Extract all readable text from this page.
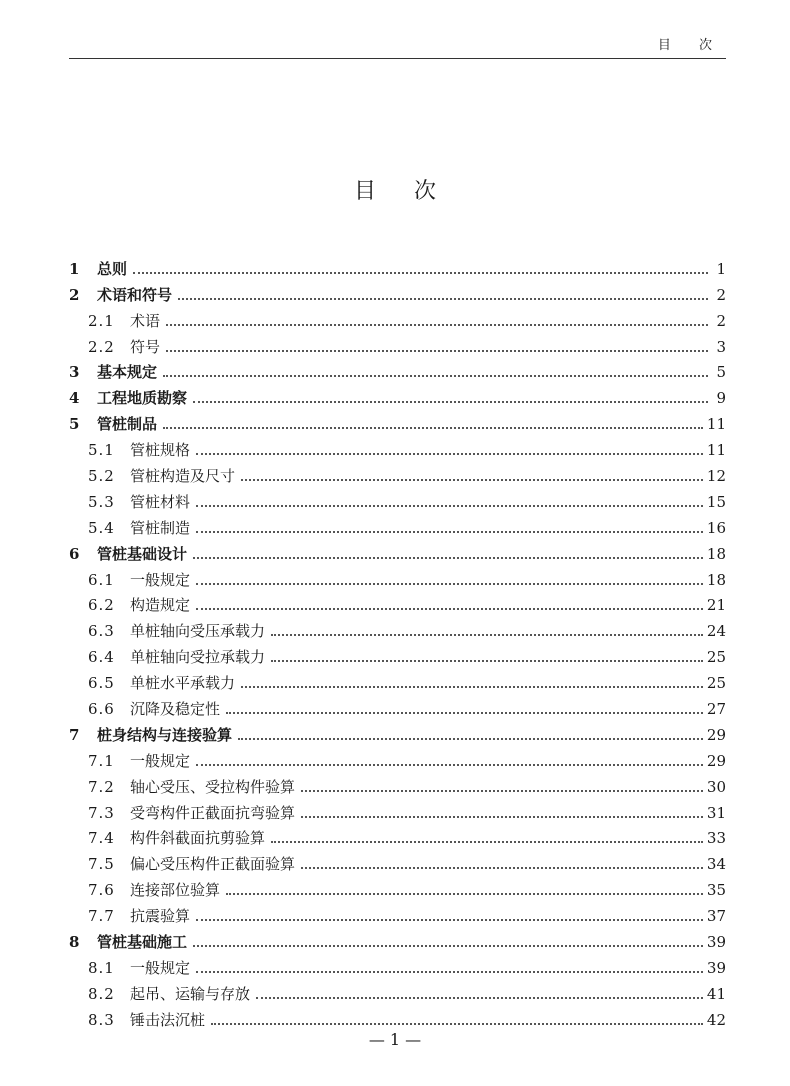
目 次
目次
1	总则	1
2	术语和符号	2
2.1	术语	2
2.2	符号	3
3	基本规定	5
4	工程地质勘察	9
5	管桩制品	11
5.1	管桩规格	11
5.2	管桩构造及尺寸	12
5.3	管桩材料	15
5.4	管桩制造	16
6	管桩基础设计	18
6.1	一般规定	18
6.2	构造规定	21
6.3	单桩轴向受压承载力	24
6.4	单桩轴向受拉承载力	25
6.5	单桩水平承载力	25
6.6	沉降及稳定性	27
7	桩身结构与连接验算	29
7.1	一般规定	29
7.2	轴心受压、受拉构件验算	30
7.3	受弯构件正截面抗弯验算	31
7.4	构件斜截面抗剪验算	33
7.5	偏心受压构件正截面验算	34
7.6	连接部位验算	35
7.7	抗震验算	37
8	管桩基础施工	39
8.1	一般规定	39
8.2	起吊、运输与存放	41
8.3	锤击法沉桩	42
— 1 —
